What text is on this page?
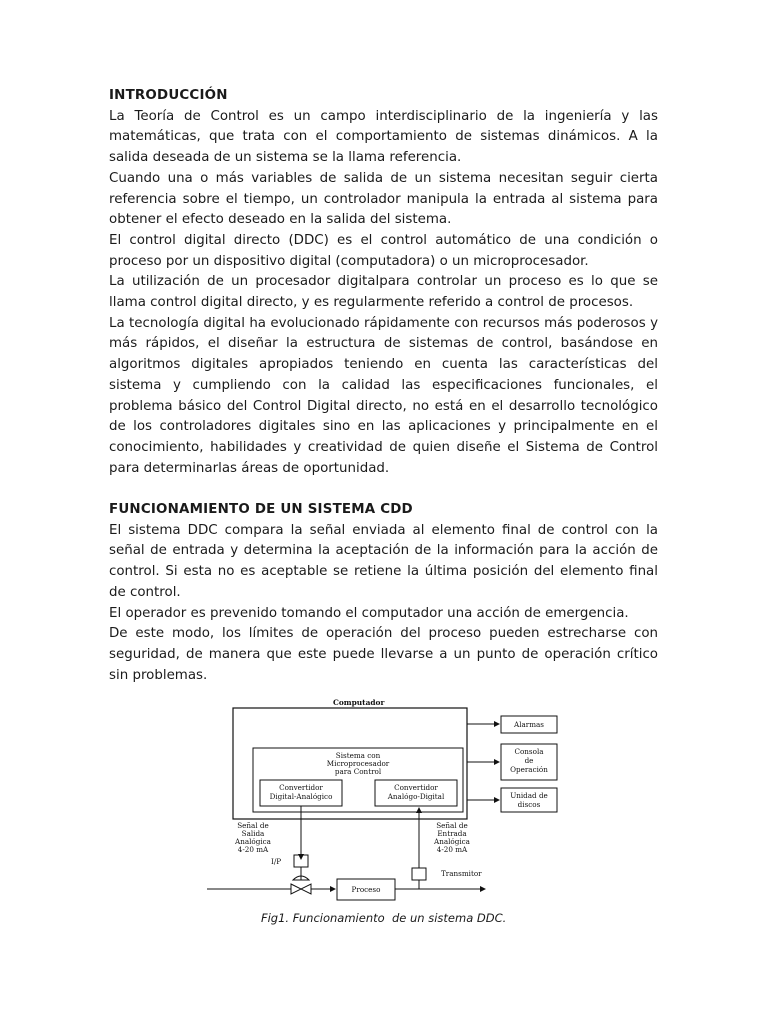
INTRODUCCIÓN

La Teoría de Control es un campo interdisciplinario de la ingeniería y las matemáticas, que trata con el comportamiento de sistemas dinámicos. A la salida deseada de un sistema se la llama referencia.

Cuando una o más variables de salida de un sistema necesitan seguir cierta referencia sobre el tiempo, un controlador manipula la entrada al sistema para obtener el efecto deseado en la salida del sistema.

El control digital directo (DDC) es el control automático de una condición o proceso por un dispositivo digital (computadora) o un microprocesador.

La utilización de un procesador digitalpara controlar un proceso es lo que se llama control digital directo, y es regularmente referido a control de procesos.

La tecnología digital ha evolucionado rápidamente con recursos más poderosos y más rápidos, el diseñar la estructura de sistemas de control, basándose en algoritmos digitales apropiados teniendo en cuenta las características del sistema y cumpliendo con la calidad las especificaciones funcionales, el problema básico del Control Digital directo, no está en el desarrollo tecnológico de los controladores digitales sino en las aplicaciones y principalmente en el conocimiento, habilidades y creatividad de quien diseñe el Sistema de Control para determinarlas áreas de oportunidad.

FUNCIONAMIENTO DE UN SISTEMA CDD

El sistema DDC compara la señal enviada al elemento final de control con la señal de entrada y determina la aceptación de la información para la acción de control. Si esta no es aceptable se retiene la última posición del elemento final de control.

El operador es prevenido tomando el computador una acción de emergencia.

De este modo, los límites de operación del proceso pueden estrecharse con seguridad, de manera que este puede llevarse a un punto de operación crítico sin problemas.

Computador
Sistema con
Microprocesador
para Control
Convertidor
Digital-Analógico
Convertidor
Analógo-Digital
Alarmas
Consola
de
Operación
Unidad de
discos
Señal de
Salida
Analógica
4-20 mA
I/P
Proceso
Transmitor
Señal de
Entrada
Analógica
4-20 mA
Fig1. Funcionamiento  de un sistema DDC.
